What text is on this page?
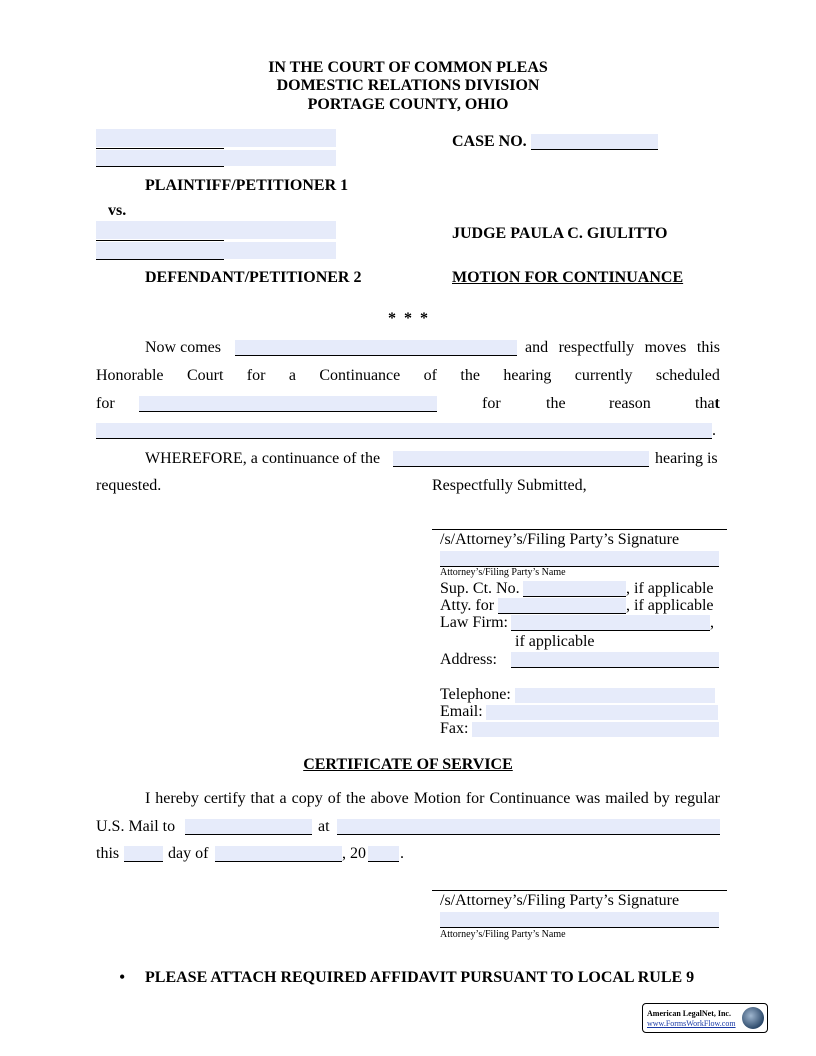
IN THE COURT OF COMMON PLEAS
DOMESTIC RELATIONS DIVISION
PORTAGE COUNTY, OHIO
PLAINTIFF/PETITIONER 1
vs.
DEFENDANT/PETITIONER 2
CASE NO.
JUDGE PAULA C. GIULITTO
MOTION FOR CONTINUANCE
* * *
Now comes	and respectfully moves this
Honorable Court for a Continuance of the hearing currently scheduled
for	for	the	reason	that
.
WHEREFORE, a continuance of the	hearing is
requested.	Respectfully Submitted,
/s/Attorney’s/Filing Party’s Signature
Attorney’s/Filing Party’s Name
Sup. Ct. No.	, if applicable
Atty. for	, if applicable
Law Firm:	,
if applicable
Address:
Telephone:
Email:
Fax:
CERTIFICATE OF SERVICE
I hereby certify that a copy of the above Motion for Continuance was mailed by regular
U.S. Mail to	at
this	day of	, 20 .
/s/Attorney’s/Filing Party’s Signature
Attorney’s/Filing Party’s Name
• PLEASE ATTACH REQUIRED AFFIDAVIT PURSUANT TO LOCAL RULE 9
American LegalNet, Inc.
www.FormsWorkFlow.com
